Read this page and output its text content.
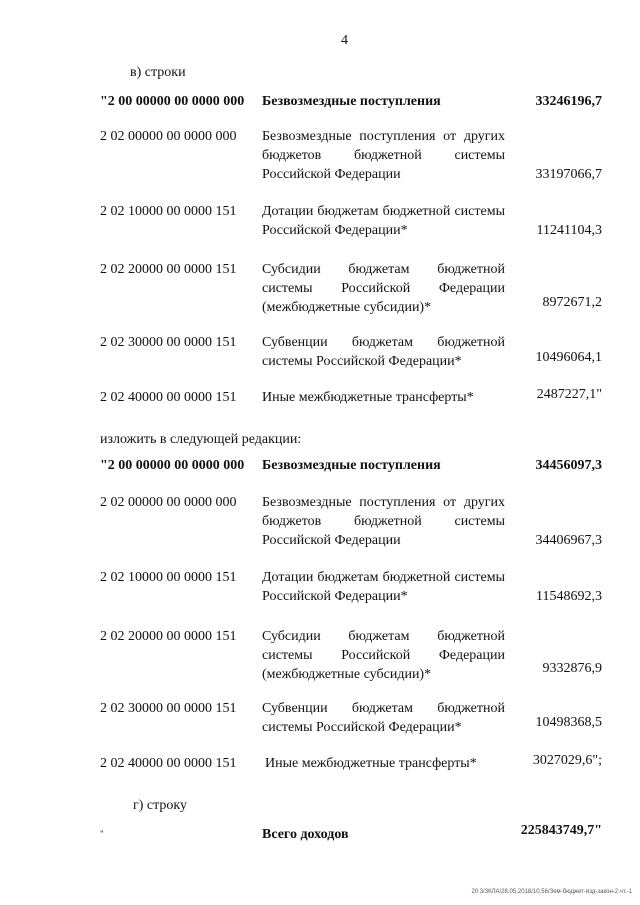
4
в) строки
"2 00 00000 00 0000 000 Безвозмездные поступления	33246196,7
2 02 00000 00 0000 000 Безвозмездные поступления от других бюджетов бюджетной системы Российской Федерации	33197066,7
2 02 10000 00 0000 151 Дотации бюджетам бюджетной системы Российской Федерации*	11241104,3
2 02 20000 00 0000 151 Субсидии бюджетам бюджетной системы Российской Федерации (межбюджетные субсидии)*	8972671,2
2 02 30000 00 0000 151 Субвенции бюджетам бюджетной системы Российской Федерации*	10496064,1
2 02 40000 00 0000 151 Иные межбюджетные трансферты*	2487227,1"
изложить в следующей редакции:
"2 00 00000 00 0000 000 Безвозмездные поступления	34456097,3
2 02 00000 00 0000 000 Безвозмездные поступления от других бюджетов бюджетной системы Российской Федерации	34406967,3
2 02 10000 00 0000 151 Дотации бюджетам бюджетной системы Российской Федерации*	11548692,3
2 02 20000 00 0000 151 Субсидии бюджетам бюджетной системы Российской Федерации (межбюджетные субсидии)*	9332876,9
2 02 30000 00 0000 151 Субвенции бюджетам бюджетной системы Российской Федерации*	10498368,5
2 02 40000 00 0000 151 Иные межбюджетные трансферты*	3027029,6";
г) строку
"	Всего доходов	225843749,7"
20 3/3КЛА/28.05.2018/10.56/Зем-бюджет-изд-закон-2.чт.-1
